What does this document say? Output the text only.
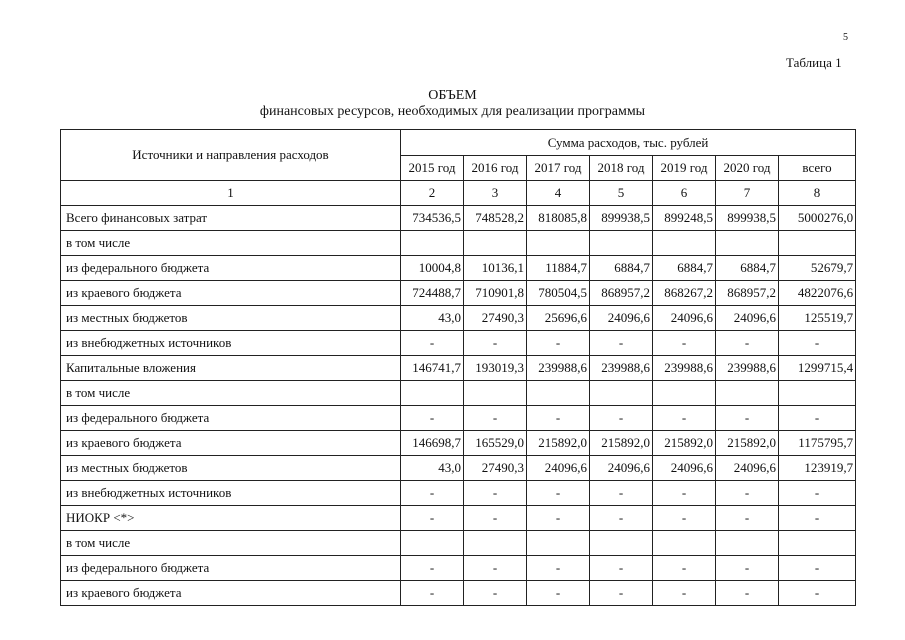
5
Таблица 1
ОБЪЕМ
финансовых ресурсов, необходимых для реализации программы
Источники и направления расходов	Сумма расходов, тыс. рублей						
	2015 год	2016 год	2017 год	2018 год	2019 год	2020 год	всего
1	2	3	4	5	6	7	8
Всего финансовых затрат	734536,5	748528,2	818085,8	899938,5	899248,5	899938,5	5000276,0
в том числе							
из федерального бюджета	10004,8	10136,1	11884,7	6884,7	6884,7	6884,7	52679,7
из краевого бюджета	724488,7	710901,8	780504,5	868957,2	868267,2	868957,2	4822076,6
из местных бюджетов	43,0	27490,3	25696,6	24096,6	24096,6	24096,6	125519,7
из внебюджетных источников	-	-	-	-	-	-	-
Капитальные вложения	146741,7	193019,3	239988,6	239988,6	239988,6	239988,6	1299715,4
в том числе							
из федерального бюджета	-	-	-	-	-	-	-
из краевого бюджета	146698,7	165529,0	215892,0	215892,0	215892,0	215892,0	1175795,7
из местных бюджетов	43,0	27490,3	24096,6	24096,6	24096,6	24096,6	123919,7
из внебюджетных источников	-	-	-	-	-	-	-
НИОКР <*>	-	-	-	-	-	-	-
в том числе							
из федерального бюджета	-	-	-	-	-	-	-
из краевого бюджета	-	-	-	-	-	-	-
